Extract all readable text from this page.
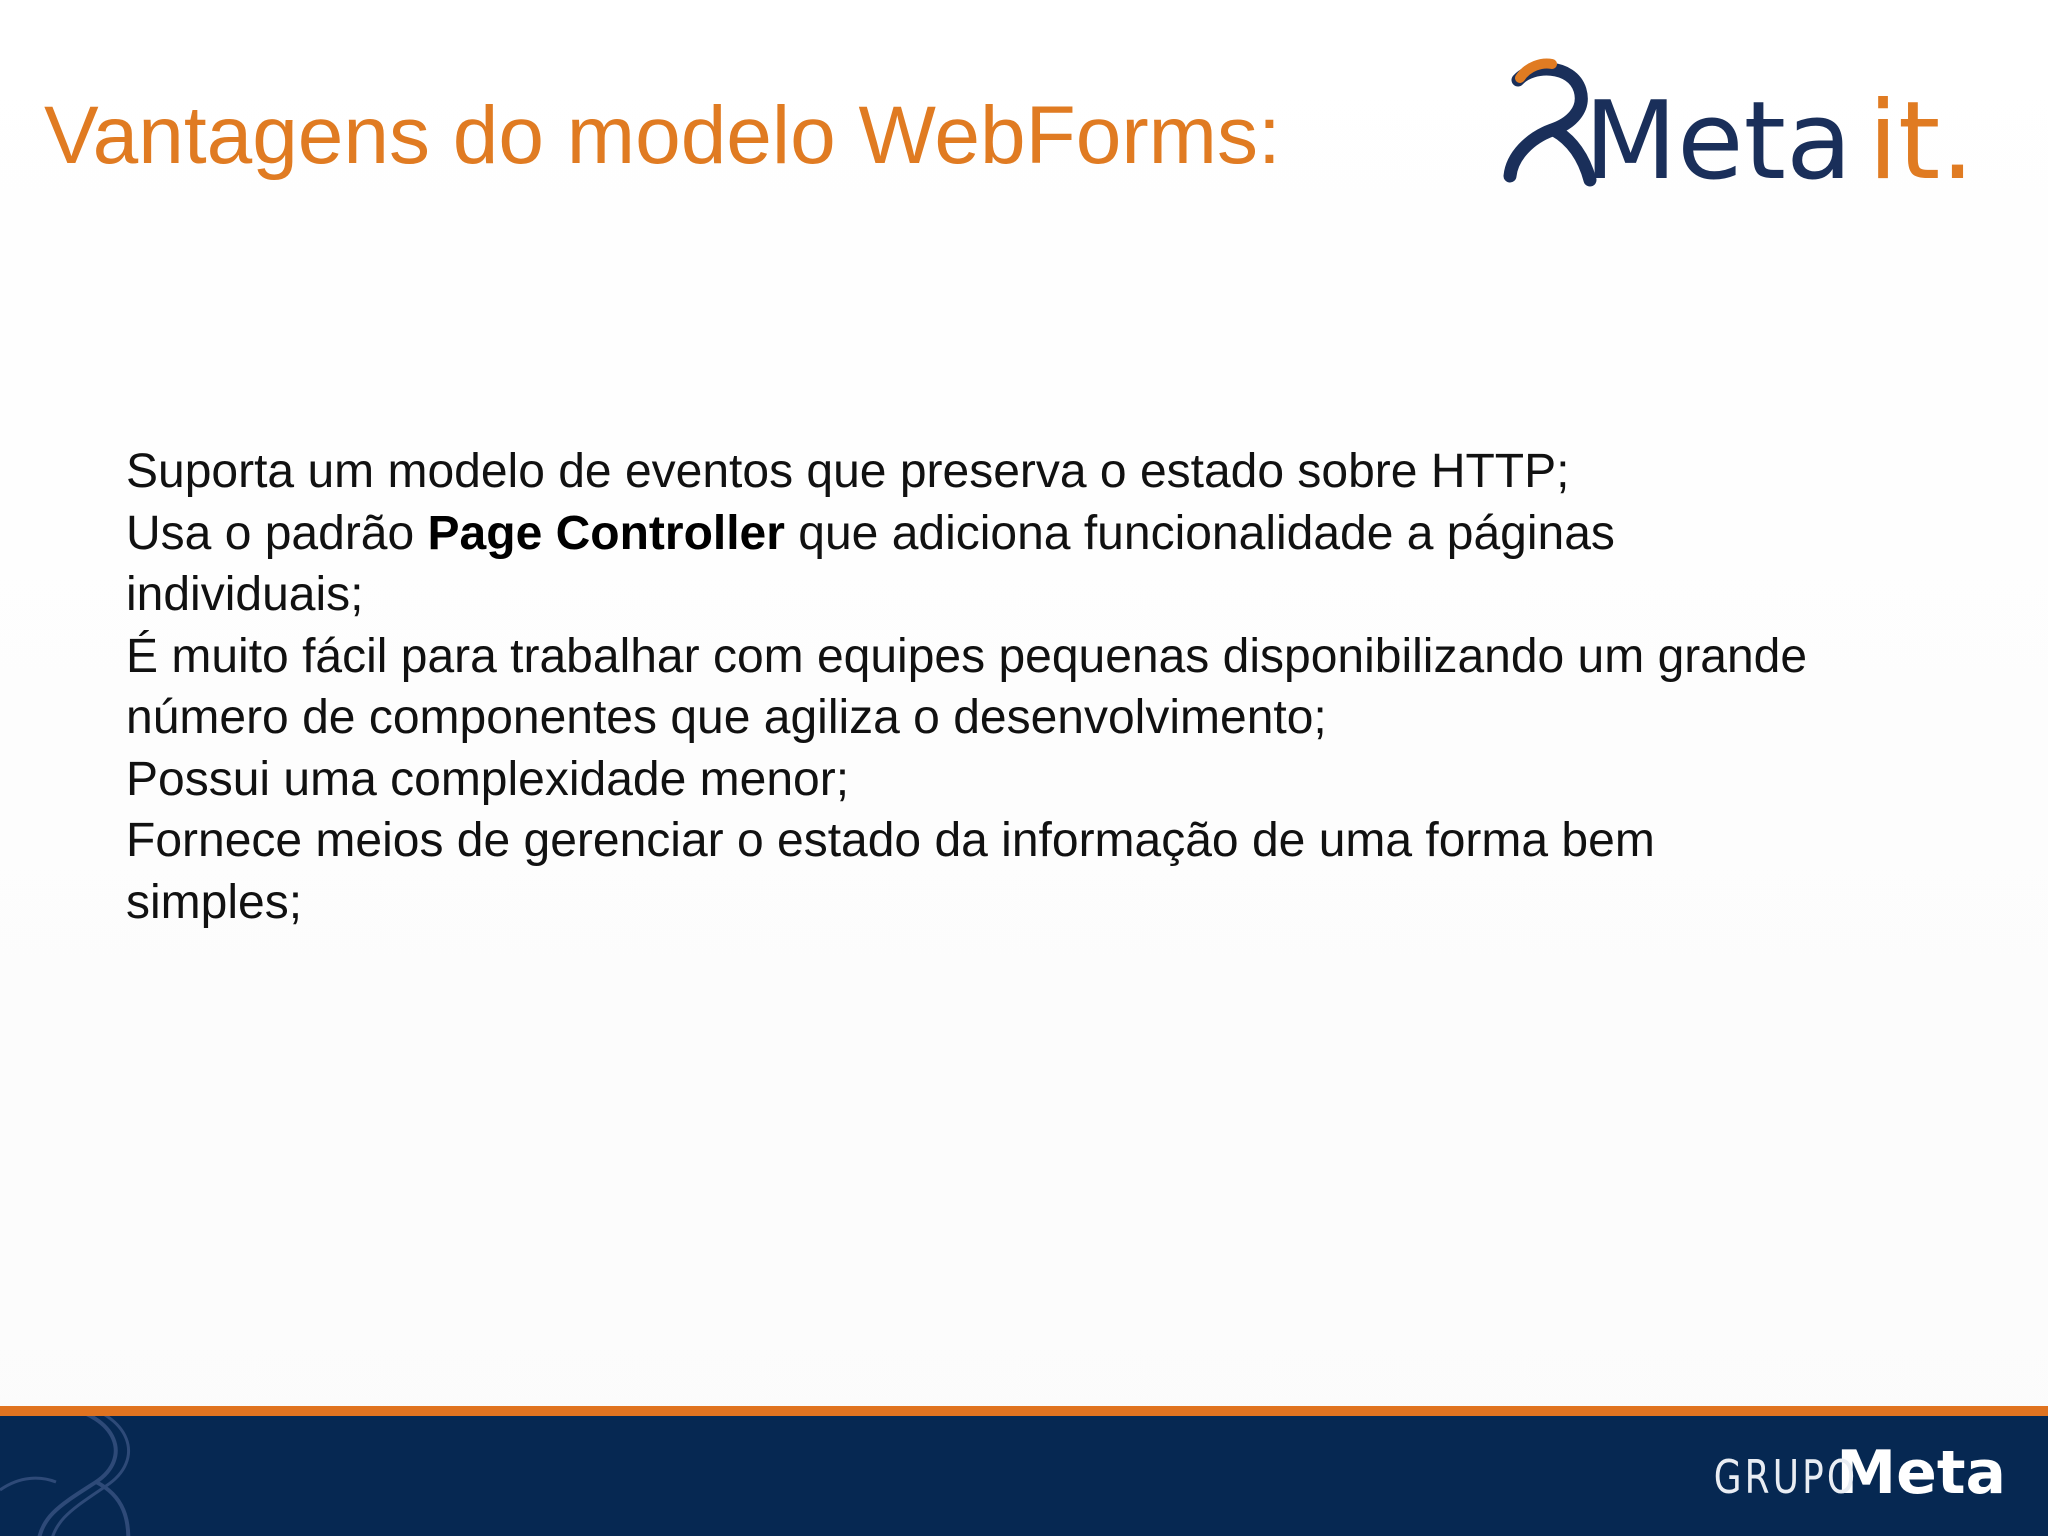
Vantagens do modelo WebForms:	Meta it.

Suporta um modelo de eventos que preserva o estado sobre HTTP;

Usa o padrão Page Controller que adiciona funcionalidade a páginas individuais;

É muito fácil para trabalhar com equipes pequenas disponibilizando um grande número de componentes que agiliza o desenvolvimento;

Possui uma complexidade menor;

Fornece meios de gerenciar o estado da informação de uma forma bem simples;

GRUPO
Meta
